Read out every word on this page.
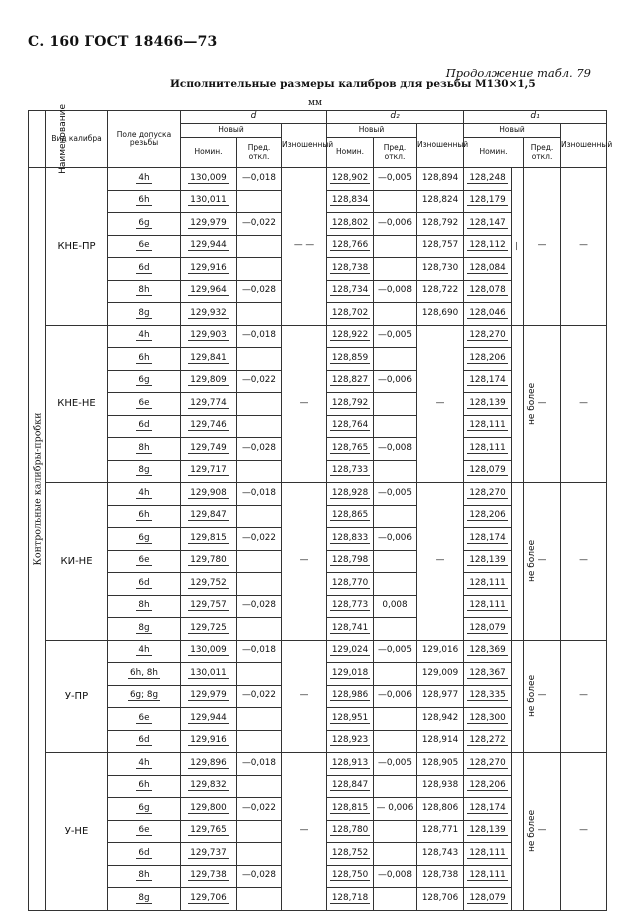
С. 160 ГОСТ 18466—73
Продолжение табл. 79
Исполнительные размеры калибров для резьбы М130×1,5
мм
Наименование	Вид калибра	Поле допуска резьбы	d			d₂			d₁			
			Новый		Изношенный	Новый		Изношенный	Новый			Изношенный
			Номин.	Пред. откл.		Номин.	Пред. откл.		Номин.		Пред. откл.	
	КНЕ-ПР	4h	130,009	—0,018	— —	128,902	—0,005	128,894	128,248	—	—	—
		6h	130,011			128,834		128,824	128,179			
		6g	129,979	—0,022		128,802	—0,006	128,792	128,147			
		6e	129,944			128,766		128,757	128,112			
		6d	129,916			128,738		128,730	128,084			
		8h	129,964	—0,028		128,734	—0,008	128,722	128,078			
		8g	129,932			128,702		128,690	128,046			
	КНЕ-НЕ	4h	129,903	—0,018	—	128,922	—0,005	—	128,270	не более	—	—
		6h	129,841			128,859			128,206			
		6g	129,809	—0,022		128,827	—0,006		128,174			
		6e	129,774			128,792			128,139			
		6d	129,746			128,764			128,111			
		8h	129,749	—0,028		128,765	—0,008		128,111			
		8g	129,717			128,733			128,079			
	КИ-НЕ	4h	129,908	—0,018	—	128,928	—0,005	—	128,270	не более	—	—
		6h	129,847			128,865			128,206			
		6g	129,815	—0,022		128,833	—0,006		128,174			
		6e	129,780			128,798			128,139			
		6d	129,752			128,770			128,111			
		8h	129,757	—0,028		128,773	0,008		128,111			
		8g	129,725			128,741			128,079			
	У-ПР	4h	130,009	—0,018	—	129,024	—0,005	129,016	128,369	не более	—	—
		6h, 8h	130,011			129,018		129,009	128,367			
		6g; 8g	129,979	—0,022		128,986	—0,006	128,977	128,335			
		6e	129,944			128,951		128,942	128,300			
		6d	129,916			128,923		128,914	128,272			
	У-НЕ	4h	129,896	—0,018	—	128,913	—0,005	128,905	128,270	не более	—	—
		6h	129,832			128,847		128,938	128,206			
		6g	129,800	—0,022		128,815	— 0,006	128,806	128,174			
		6e	129,765			128,780		128,771	128,139			
		6d	129,737			128,752		128,743	128,111			
		8h	129,738	—0,028		128,750	—0,008	128,738	128,111			
		8g	129,706			128,718		128,706	128,079			
Контрольные калибры-пробки
